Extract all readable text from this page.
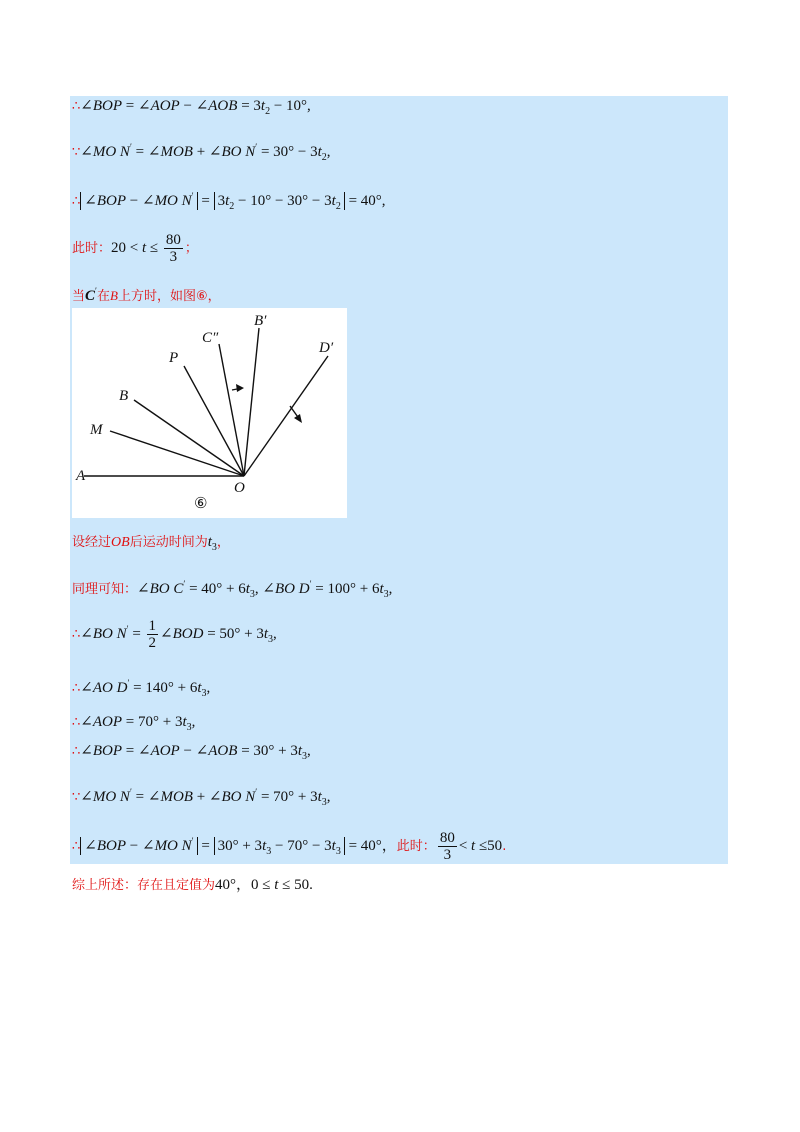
∴∠BOP = ∠AOP − ∠AOB = $3t_2 - 10^\circ$,
∵∠MO N′ = ∠MOB + ∠BO $N' = 30^\circ - 3t_2$,
∴ ∠BOP − ∠MO $N' = 3t_2 - 10^\circ - 30^\circ - 3t_2 = 40^\circ$,
此时：$20 < t \le \frac{80}{3}$ ；
当C′在B上方时，如图⑥，
A
M
B
P
C″
B′
D′
O
⑥
设经过OB后运动时间为$t_3$，
同理可知：∠BO $C' = 40^\circ + 6t_3$, ∠BO $D' = 100^\circ + 6t_3$,
∴∠BO $N' = \frac{1}{2}$ ∠BOD = $50^\circ + 3t_3$,
∴∠AO $D' = 140^\circ + 6t_3$,
∴∠AOP = $70^\circ + 3t_3$,
∴∠BOP = ∠AOP − ∠AOB = $30^\circ + 3t_3$,
∵∠MO N′ = ∠MOB + ∠BO $N' = 70^\circ + 3t_3$,
∴ ∠BOP − ∠MO $N' = 30^\circ + 3t_3 - 70^\circ - 3t_3 = 40^\circ$，此时： $\frac{80}{3} < t \le 50$.
综上所述：存在且定值为40°，0 ≤ t ≤ 50.
